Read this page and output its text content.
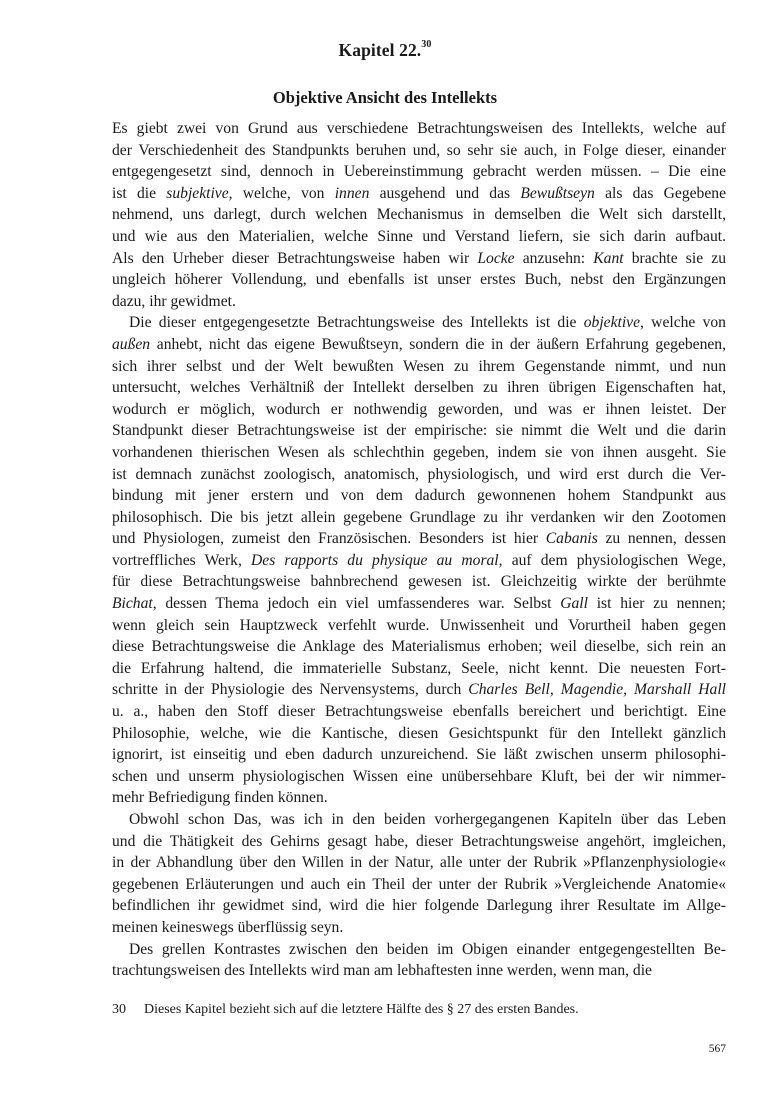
Kapitel 22.30
Objektive Ansicht des Intellekts

Es giebt zwei von Grund aus verschiedene Betrachtungsweisen des Intellekts, welche auf
der Verschiedenheit des Standpunkts beruhen und, so sehr sie auch, in Folge dieser, einander
entgegengesetzt sind, dennoch in Uebereinstimmung gebracht werden müssen. – Die eine
ist die subjektive, welche, von innen ausgehend und das Bewußtseyn als das Gegebene
nehmend, uns darlegt, durch welchen Mechanismus in demselben die Welt sich darstellt,
und wie aus den Materialien, welche Sinne und Verstand liefern, sie sich darin aufbaut.
Als den Urheber dieser Betrachtungsweise haben wir Locke anzusehn: Kant brachte sie zu
ungleich höherer Vollendung, und ebenfalls ist unser erstes Buch, nebst den Ergänzungen
dazu, ihr gewidmet.

Die dieser entgegengesetzte Betrachtungsweise des Intellekts ist die objektive, welche von
außen anhebt, nicht das eigene Bewußtseyn, sondern die in der äußern Erfahrung gegebenen,
sich ihrer selbst und der Welt bewußten Wesen zu ihrem Gegenstande nimmt, und nun
untersucht, welches Verhältniß der Intellekt derselben zu ihren übrigen Eigenschaften hat,
wodurch er möglich, wodurch er nothwendig geworden, und was er ihnen leistet. Der
Standpunkt dieser Betrachtungsweise ist der empirische: sie nimmt die Welt und die darin
vorhandenen thierischen Wesen als schlechthin gegeben, indem sie von ihnen ausgeht. Sie
ist demnach zunächst zoologisch, anatomisch, physiologisch, und wird erst durch die Ver-
bindung mit jener erstern und von dem dadurch gewonnenen hohem Standpunkt aus
philosophisch. Die bis jetzt allein gegebene Grundlage zu ihr verdanken wir den Zootomen
und Physiologen, zumeist den Französischen. Besonders ist hier Cabanis zu nennen, dessen
vortreffliches Werk, Des rapports du physique au moral, auf dem physiologischen Wege,
für diese Betrachtungsweise bahnbrechend gewesen ist. Gleichzeitig wirkte der berühmte
Bichat, dessen Thema jedoch ein viel umfassenderes war. Selbst Gall ist hier zu nennen;
wenn gleich sein Hauptzweck verfehlt wurde. Unwissenheit und Vorurtheil haben gegen
diese Betrachtungsweise die Anklage des Materialismus erhoben; weil dieselbe, sich rein an
die Erfahrung haltend, die immaterielle Substanz, Seele, nicht kennt. Die neuesten Fort-
schritte in der Physiologie des Nervensystems, durch Charles Bell, Magendie, Marshall Hall
u. a., haben den Stoff dieser Betrachtungsweise ebenfalls bereichert und berichtigt. Eine
Philosophie, welche, wie die Kantische, diesen Gesichtspunkt für den Intellekt gänzlich
ignorirt, ist einseitig und eben dadurch unzureichend. Sie läßt zwischen unserm philosophi-
schen und unserm physiologischen Wissen eine unübersehbare Kluft, bei der wir nimmer-
mehr Befriedigung finden können.

Obwohl schon Das, was ich in den beiden vorhergegangenen Kapiteln über das Leben
und die Thätigkeit des Gehirns gesagt habe, dieser Betrachtungsweise angehört, imgleichen,
in der Abhandlung über den Willen in der Natur, alle unter der Rubrik »Pflanzenphysiologie«
gegebenen Erläuterungen und auch ein Theil der unter der Rubrik »Vergleichende Anatomie«
befindlichen ihr gewidmet sind, wird die hier folgende Darlegung ihrer Resultate im Allge-
meinen keineswegs überflüssig seyn.

Des grellen Kontrastes zwischen den beiden im Obigen einander entgegengestellten Be-
trachtungsweisen des Intellekts wird man am lebhaftesten inne werden, wenn man, die

30 Dieses Kapitel bezieht sich auf die letztere Hälfte des § 27 des ersten Bandes.
567
